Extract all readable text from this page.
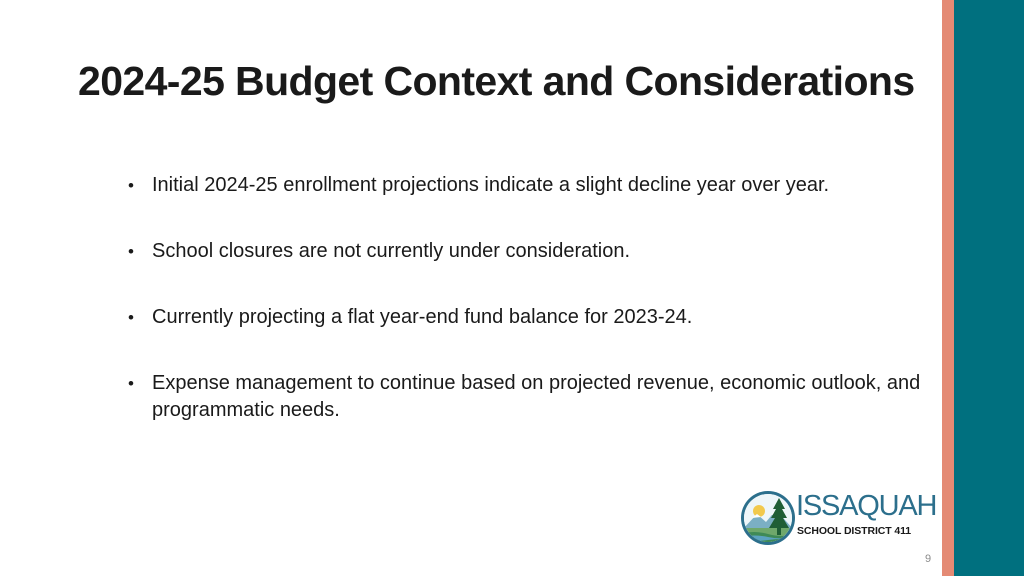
2024-25 Budget Context and Considerations
• Initial 2024-25 enrollment projections indicate a slight decline year over year.
• School closures are not currently under consideration.
• Currently projecting a flat year-end fund balance for 2023-24.
• Expense management to continue based on projected revenue, economic outlook, and programmatic needs.
ISSAQUAH
SCHOOL DISTRICT 411
9
